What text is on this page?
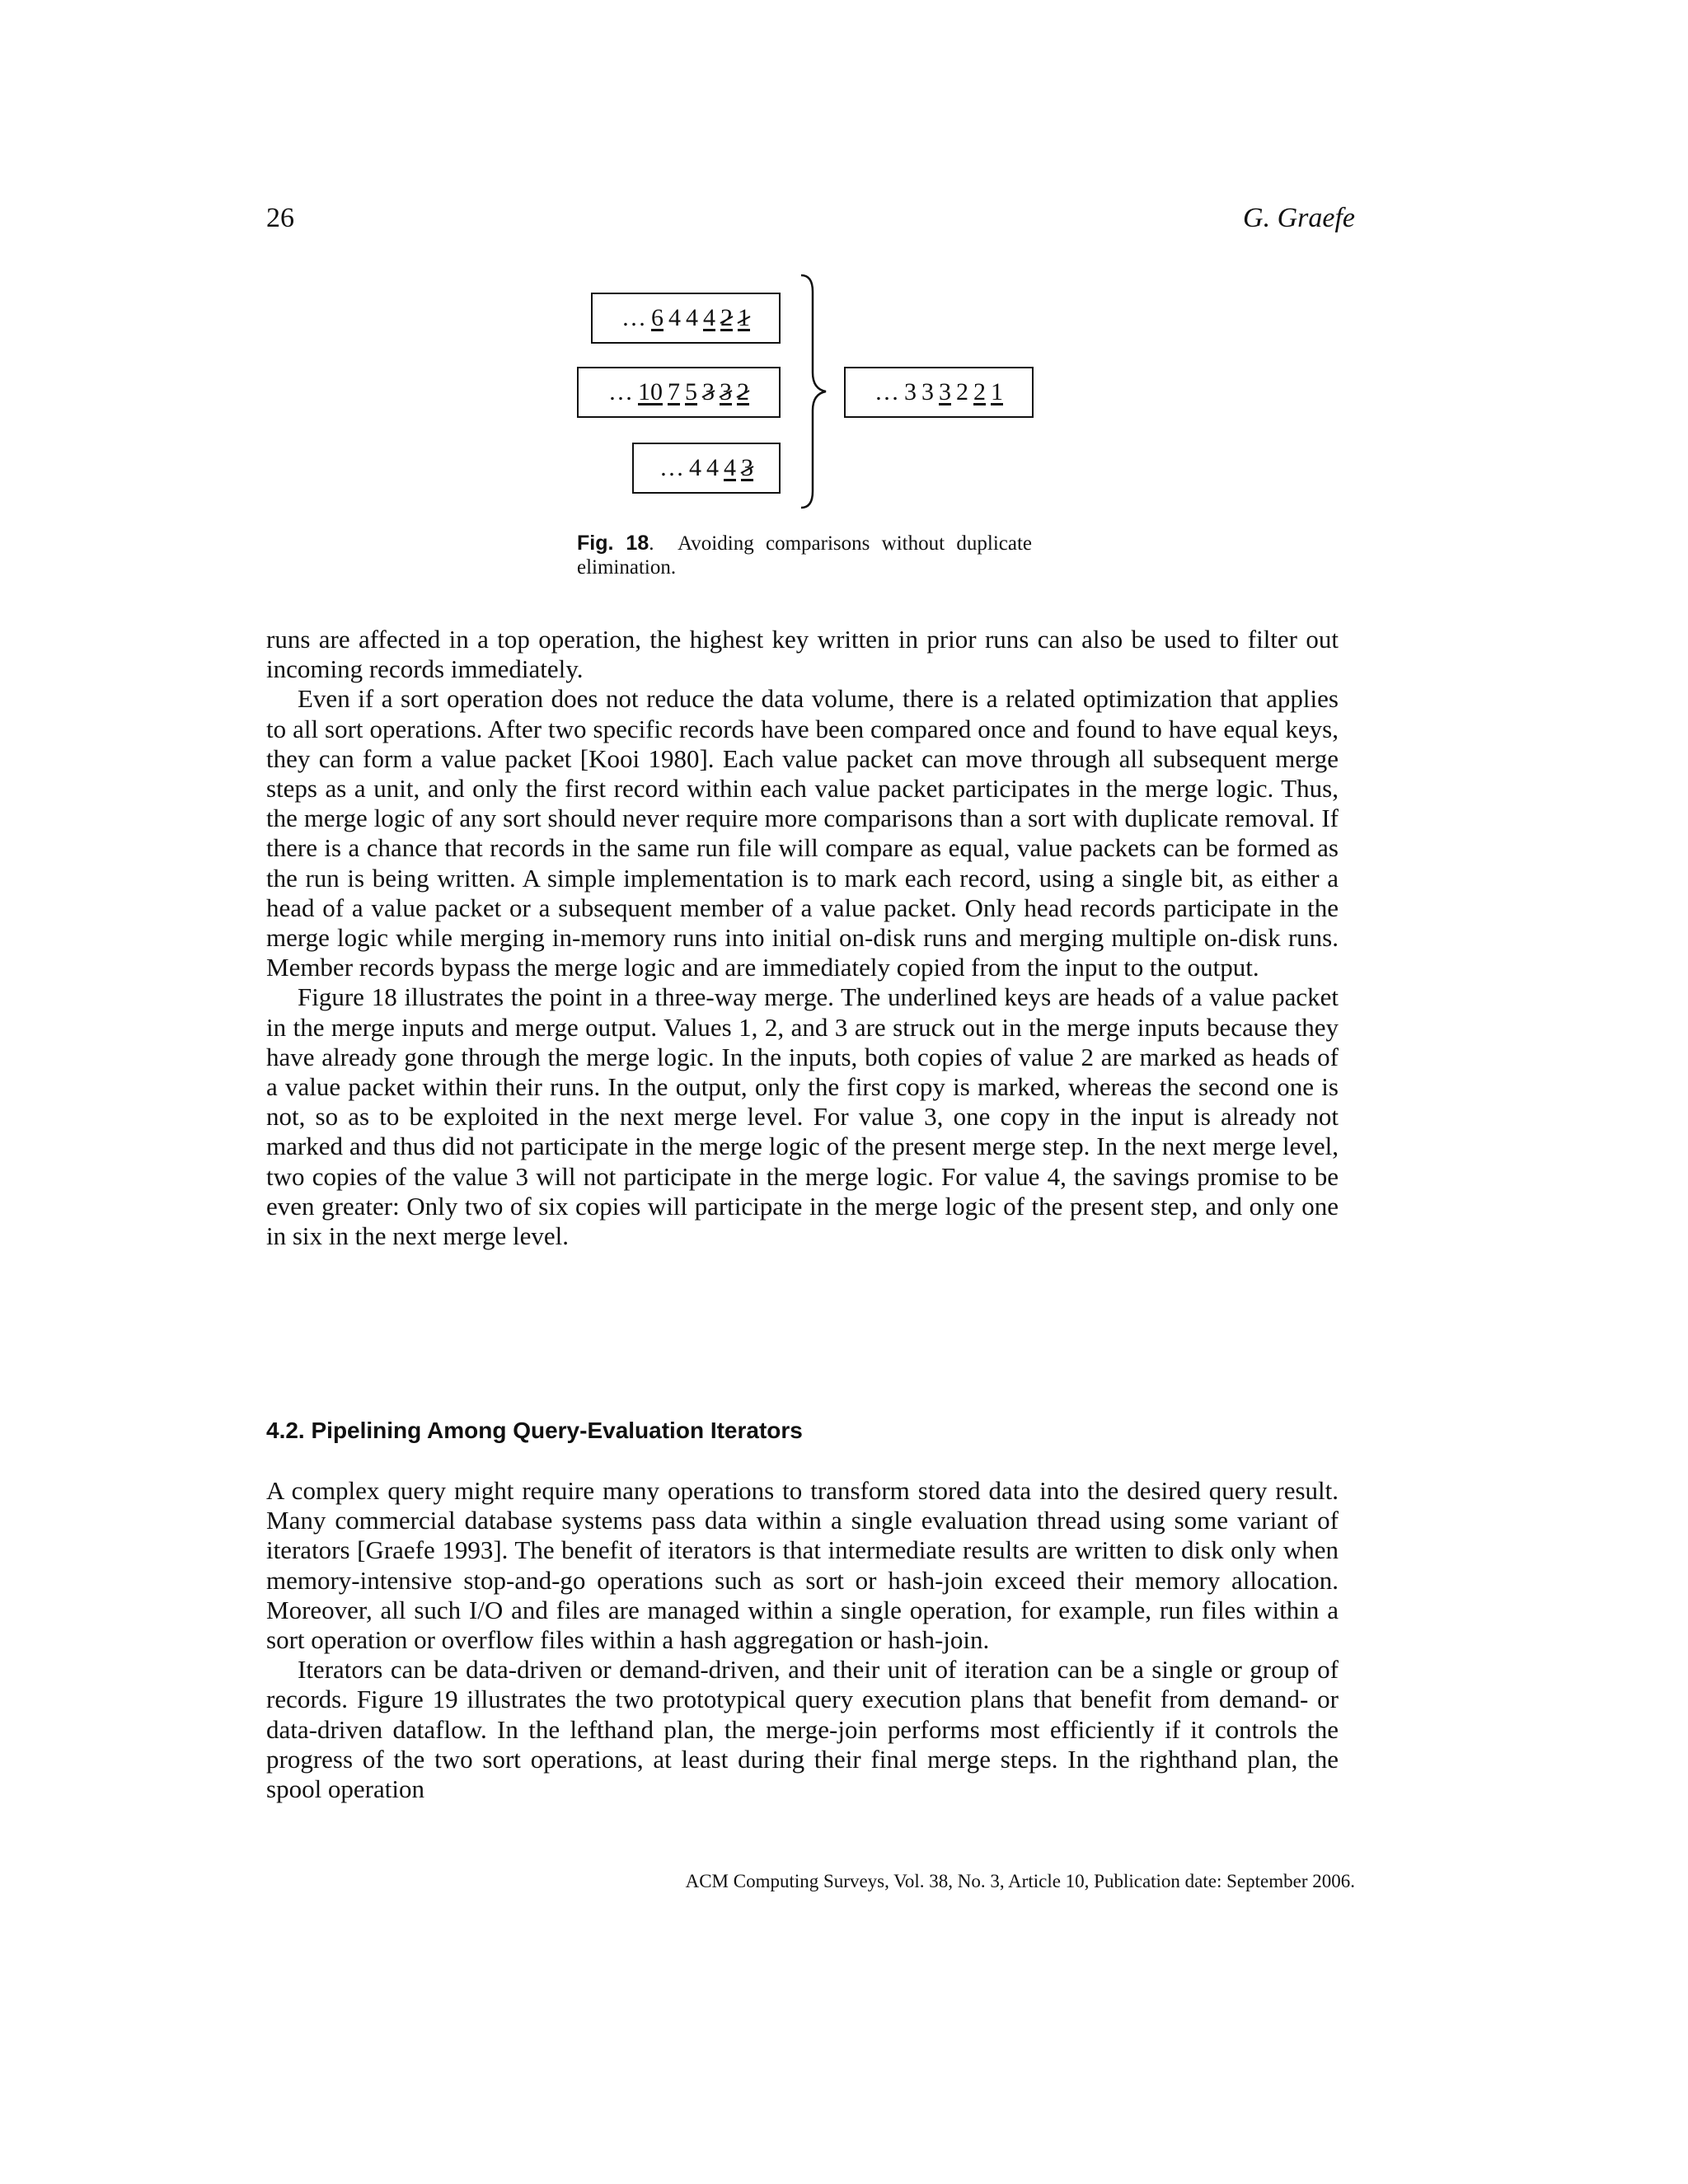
26	G. Graefe
… 6 4 4 4 2 1
… 10 7 5 3 3 2
… 4 4 4 3
… 3 3 3 2 2 1
Fig. 18.  Avoiding comparisons without duplicate elimination.

runs are affected in a top operation, the highest key written in prior runs can also be used to filter out incoming records immediately.

Even if a sort operation does not reduce the data volume, there is a related optimization that applies to all sort operations. After two specific records have been compared once and found to have equal keys, they can form a value packet [Kooi 1980]. Each value packet can move through all subsequent merge steps as a unit, and only the first record within each value packet participates in the merge logic. Thus, the merge logic of any sort should never require more comparisons than a sort with duplicate removal. If there is a chance that records in the same run file will compare as equal, value packets can be formed as the run is being written. A simple implementation is to mark each record, using a single bit, as either a head of a value packet or a subsequent member of a value packet. Only head records participate in the merge logic while merging in-memory runs into initial on-disk runs and merging multiple on-disk runs. Member records bypass the merge logic and are immediately copied from the input to the output.

Figure 18 illustrates the point in a three-way merge. The underlined keys are heads of a value packet in the merge inputs and merge output. Values 1, 2, and 3 are struck out in the merge inputs because they have already gone through the merge logic. In the inputs, both copies of value 2 are marked as heads of a value packet within their runs. In the output, only the first copy is marked, whereas the second one is not, so as to be exploited in the next merge level. For value 3, one copy in the input is already not marked and thus did not participate in the merge logic of the present merge step. In the next merge level, two copies of the value 3 will not participate in the merge logic. For value 4, the savings promise to be even greater: Only two of six copies will participate in the merge logic of the present step, and only one in six in the next merge level.

4.2. Pipelining Among Query-Evaluation Iterators

A complex query might require many operations to transform stored data into the desired query result. Many commercial database systems pass data within a single evaluation thread using some variant of iterators [Graefe 1993]. The benefit of iterators is that intermediate results are written to disk only when memory-intensive stop-and-go operations such as sort or hash-join exceed their memory allocation. Moreover, all such I/O and files are managed within a single operation, for example, run files within a sort operation or overflow files within a hash aggregation or hash-join.

Iterators can be data-driven or demand-driven, and their unit of iteration can be a single or group of records. Figure 19 illustrates the two prototypical query execution plans that benefit from demand- or data-driven dataflow. In the lefthand plan, the merge-join performs most efficiently if it controls the progress of the two sort operations, at least during their final merge steps. In the righthand plan, the spool operation

ACM Computing Surveys, Vol. 38, No. 3, Article 10, Publication date: September 2006.
